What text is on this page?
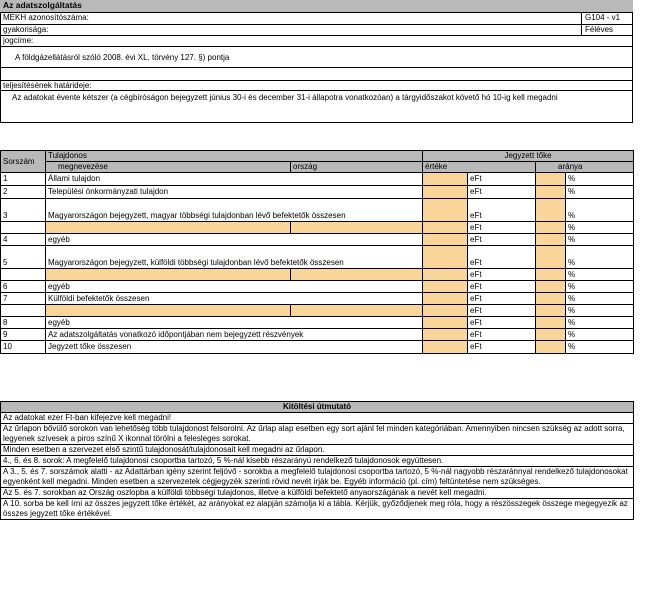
Az adatszolgáltatás
MEKH azonosítószáma:	G104 - v1
gyakorisága:	Féléves
jogcíme:
A földgázellátásról szóló 2008. évi XL. törvény 127. §) pontja
teljesítésének határideje:
Az adatokat évente kétszer (a cégbíróságon bejegyzett június 30-i és december 31-i állapotra vonatkozóan) a tárgyidőszakot követő hó 10-ig kell megadni
Sorszám	Tulajdonos		Jegyzett tőke			
	megnevezése	ország	értéke		aránya	
1	Állami tulajdon			eFt		%
2	Települési önkormányzati tulajdon			eFt		%
3	Magyarországon bejegyzett, magyar többségi tulajdonban lévő befektetők összesen			eFt		%
				eFt		%
4	egyéb			eFt		%
5	Magyarországon bejegyzett, külföldi többségi tulajdonban lévő befektetők összesen			eFt		%
				eFt		%
6	egyéb			eFt		%
7	Külföldi befektetők összesen			eFt		%
				eFt		%
8	egyéb			eFt		%
9	Az adatszolgáltatás vonatkozó időpontjában nem bejegyzett részvények			eFt		%
10	Jegyzett tőke összesen			eFt		%
Kitöltési útmutató
Az adatokat ezer Ft-ban kifejezve kell megadni!
Az űrlapon bővülő sorokon van lehetőség több tulajdonost felsorolni. Az űrlap alap esetben egy sort ajánl fel minden kategóriában. Amennyiben nincsen szükség az adott sorra, legyenek szívesek a piros színű X ikonnal törölni a felesleges sorokat.
Minden esetben a szervezet első szintű tulajdonosát/tulajdonosait kell megadni az űrlapon.
4., 6. és 8. sorok: A megfelelő tulajdonosi csoportba tartozó, 5 %-nál kisebb részarányú rendelkező tulajdonosok együttesen.
A 3., 5. és 7. sorszámok alatti - az Adattárban igény szerint feljövő - sorokba a megfelelő tulajdonosi csoportba tartozó, 5 %-nál nagyobb részaránnyal rendelkező tulajdonosokat egyenként kell megadni. Minden esetben a szervezetek cégjegyzék szerinti rövid nevét írják be. Egyéb információ (pl. cím) feltüntetése nem szükséges.
Az 5. és 7. sorokban az Ország oszlopba a külföldi többségi tulajdonos, illetve a külföldi befektető anyaországának a nevét kell megadni.
A 10. sorba be kell írni az összes jegyzett tőke értékét, az arányokat ez alapján számolja ki a tábla. Kérjük, győződjenek meg róla, hogy a részösszegek összege megegyezik az összes jegyzett tőke értékével.
